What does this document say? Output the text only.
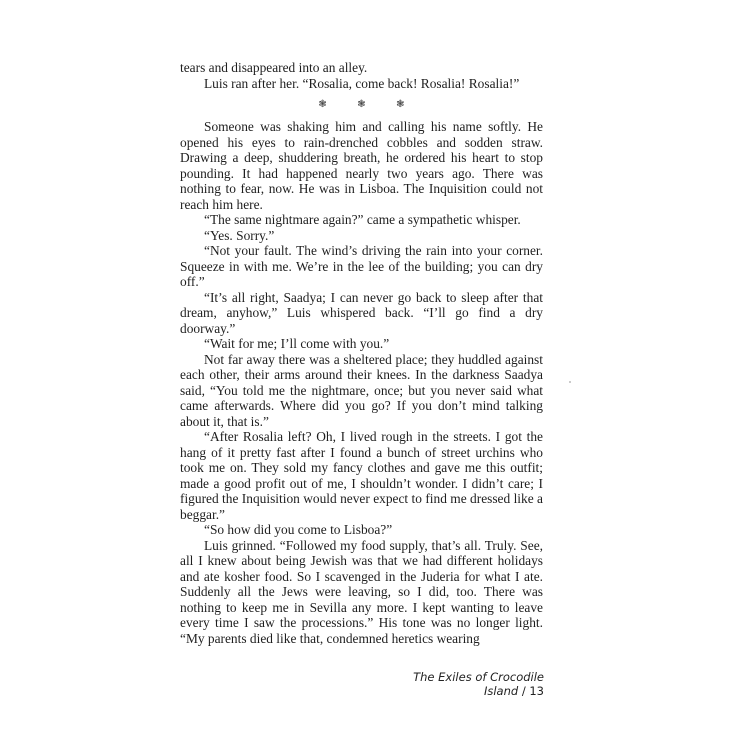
tears and disappeared into an alley.

Luis ran after her. “Rosalia, come back! Rosalia! Rosalia!”

❃ ❃ ❃

Someone was shaking him and calling his name softly. He opened his eyes to rain-drenched cobbles and sodden straw. Drawing a deep, shuddering breath, he ordered his heart to stop pounding. It had happened nearly two years ago. There was nothing to fear, now. He was in Lisboa. The Inquisition could not reach him here.

“The same nightmare again?” came a sympathetic whisper.

“Yes. Sorry.”

“Not your fault. The wind’s driving the rain into your corner. Squeeze in with me. We’re in the lee of the building; you can dry off.”

“It’s all right, Saadya; I can never go back to sleep after that dream, anyhow,” Luis whispered back. “I’ll go find a dry doorway.”

“Wait for me; I’ll come with you.”

Not far away there was a sheltered place; they huddled against each other, their arms around their knees. In the darkness Saadya said, “You told me the nightmare, once; but you never said what came afterwards. Where did you go? If you don’t mind talking about it, that is.”

“After Rosalia left? Oh, I lived rough in the streets. I got the hang of it pretty fast after I found a bunch of street urchins who took me on. They sold my fancy clothes and gave me this outfit; made a good profit out of me, I shouldn’t wonder. I didn’t care; I figured the Inquisition would never expect to find me dressed like a beggar.”

“So how did you come to Lisboa?”

Luis grinned. “Followed my food supply, that’s all. Truly. See, all I knew about being Jewish was that we had different holidays and ate kosher food. So I scavenged in the Juderia for what I ate. Suddenly all the Jews were leaving, so I did, too. There was nothing to keep me in Sevilla any more. I kept wanting to leave every time I saw the processions.” His tone was no longer light. “My parents died like that, condemned heretics wearing

The Exiles of Crocodile Island / 13
